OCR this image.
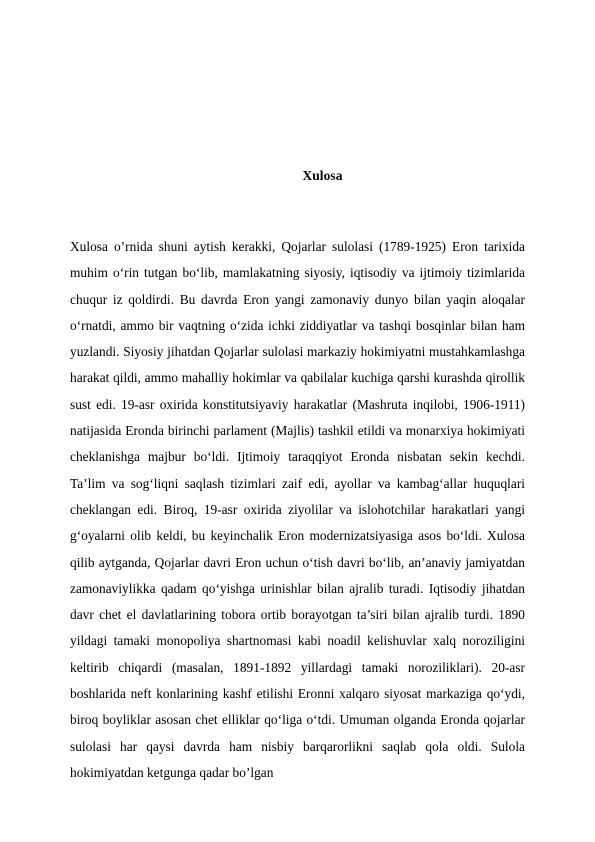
Xulosa

Xulosa o’rnida shuni aytish kerakki, Qojarlar sulolasi (1789-1925) Eron tarixida muhim o‘rin tutgan bo‘lib, mamlakatning siyosiy, iqtisodiy va ijtimoiy tizimlarida chuqur iz qoldirdi. Bu davrda Eron yangi zamonaviy dunyo bilan yaqin aloqalar o‘rnatdi, ammo bir vaqtning o‘zida ichki ziddiyatlar va tashqi bosqinlar bilan ham yuzlandi. Siyosiy jihatdan Qojarlar sulolasi markaziy hokimiyatni mustahkamlashga harakat qildi, ammo mahalliy hokimlar va qabilalar kuchiga qarshi kurashda qirollik sust edi. 19-asr oxirida konstitutsiyaviy harakatlar (Mashruta inqilobi, 1906-1911) natijasida Eronda birinchi parlament (Majlis) tashkil etildi va monarxiya hokimiyati cheklanishga majbur bo‘ldi. Ijtimoiy taraqqiyot Eronda nisbatan sekin kechdi. Ta’lim va sog‘liqni saqlash tizimlari zaif edi, ayollar va kambag‘allar huquqlari cheklangan edi. Biroq, 19-asr oxirida ziyolilar va islohotchilar harakatlari yangi g‘oyalarni olib keldi, bu keyinchalik Eron modernizatsiyasiga asos bo‘ldi. Xulosa qilib aytganda, Qojarlar davri Eron uchun o‘tish davri bo‘lib, an’anaviy jamiyatdan zamonaviylikka qadam qo‘yishga urinishlar bilan ajralib turadi. Iqtisodiy jihatdan davr chet el davlatlarining tobora ortib borayotgan ta’siri bilan ajralib turdi. 1890 yildagi tamaki monopoliya shartnomasi kabi noadil kelishuvlar xalq noroziligini keltirib chiqardi (masalan, 1891-1892 yillardagi tamaki noroziliklari). 20-asr boshlarida neft konlarining kashf etilishi Eronni xalqaro siyosat markaziga qo‘ydi, biroq boyliklar asosan chet elliklar qo‘liga o‘tdi. Umuman olganda Eronda qojarlar sulolasi har qaysi davrda ham nisbiy barqarorlikni saqlab qola oldi. Sulola hokimiyatdan ketgunga qadar bo’lgan
